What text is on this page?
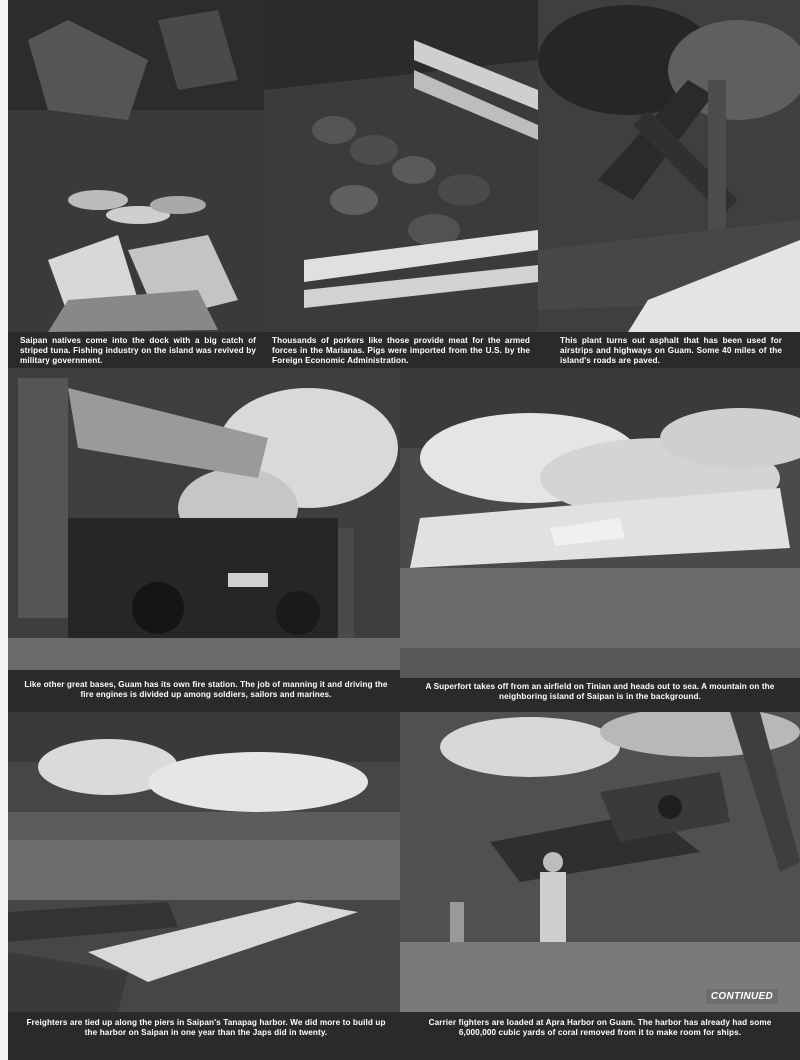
Saipan natives come into the dock with a big catch of striped tuna. Fishing industry on the island was revived by military government.
Thousands of porkers like those provide meat for the armed forces in the Marianas. Pigs were imported from the U.S. by the Foreign Economic Administration.
This plant turns out asphalt that has been used for airstrips and highways on Guam. Some 40 miles of the island's roads are paved.
Like other great bases, Guam has its own fire station. The job of manning it and driving the fire engines is divided up among soldiers, sailors and marines.
A Superfort takes off from an airfield on Tinian and heads out to sea. A mountain on the neighboring island of Saipan is in the background.
Freighters are tied up along the piers in Saipan's Tanapag harbor. We did more to build up the harbor on Saipan in one year than the Japs did in twenty.
Carrier fighters are loaded at Apra Harbor on Guam. The harbor has already had some 6,000,000 cubic yards of coral removed from it to make room for ships.
CONTINUED
